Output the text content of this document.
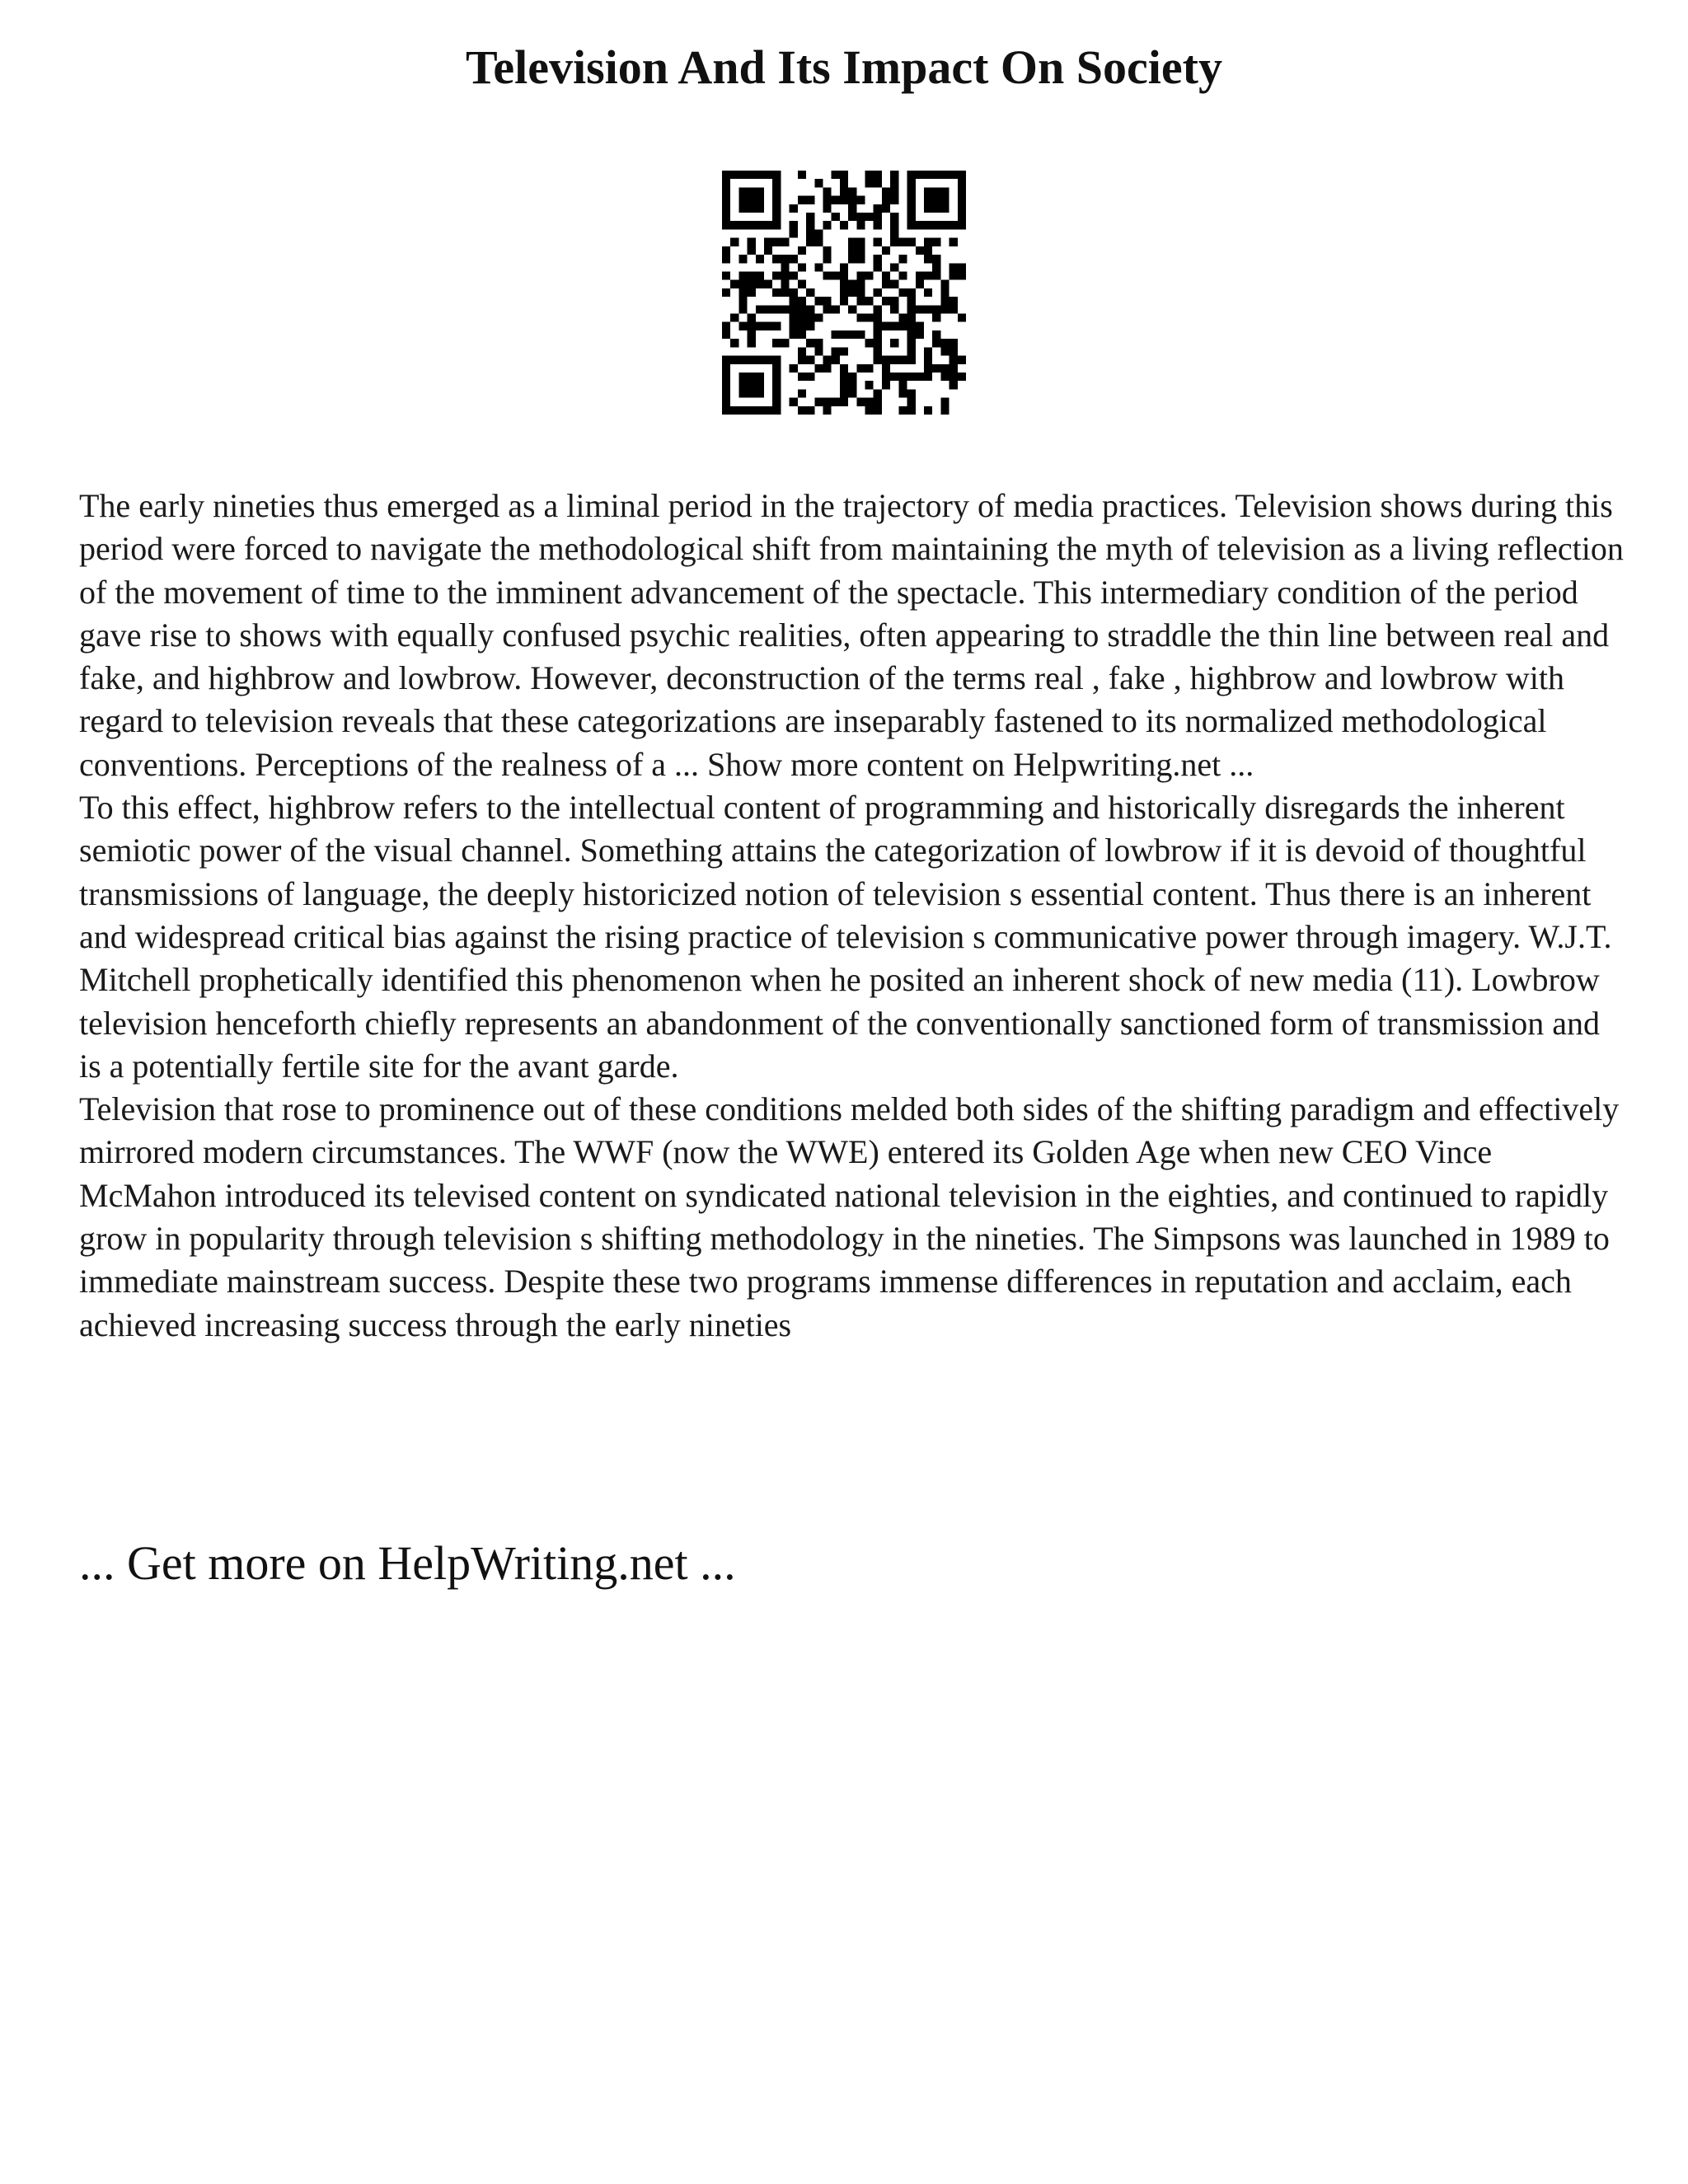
Television And Its Impact On Society

The early nineties thus emerged as a liminal period in the trajectory of media practices. Television shows during this period were forced to navigate the methodological shift from maintaining the myth of television as a living reflection of the movement of time to the imminent advancement of the spectacle. This intermediary condition of the period gave rise to shows with equally confused psychic realities, often appearing to straddle the thin line between real and fake, and highbrow and lowbrow. However, deconstruction of the terms real , fake , highbrow and lowbrow with regard to television reveals that these categorizations are inseparably fastened to its normalized methodological conventions. Perceptions of the realness of a ... Show more content on Helpwriting.net ...

To this effect, highbrow refers to the intellectual content of programming and historically disregards the inherent semiotic power of the visual channel. Something attains the categorization of lowbrow if it is devoid of thoughtful transmissions of language, the deeply historicized notion of television s essential content. Thus there is an inherent and widespread critical bias against the rising practice of television s communicative power through imagery. W.J.T. Mitchell prophetically identified this phenomenon when he posited an inherent shock of new media (11). Lowbrow television henceforth chiefly represents an abandonment of the conventionally sanctioned form of transmission and is a potentially fertile site for the avant garde.

Television that rose to prominence out of these conditions melded both sides of the shifting paradigm and effectively mirrored modern circumstances. The WWF (now the WWE) entered its Golden Age when new CEO Vince McMahon introduced its televised content on syndicated national television in the eighties, and continued to rapidly grow in popularity through television s shifting methodology in the nineties. The Simpsons was launched in 1989 to immediate mainstream success. Despite these two programs immense differences in reputation and acclaim, each achieved increasing success through the early nineties

... Get more on HelpWriting.net ...
